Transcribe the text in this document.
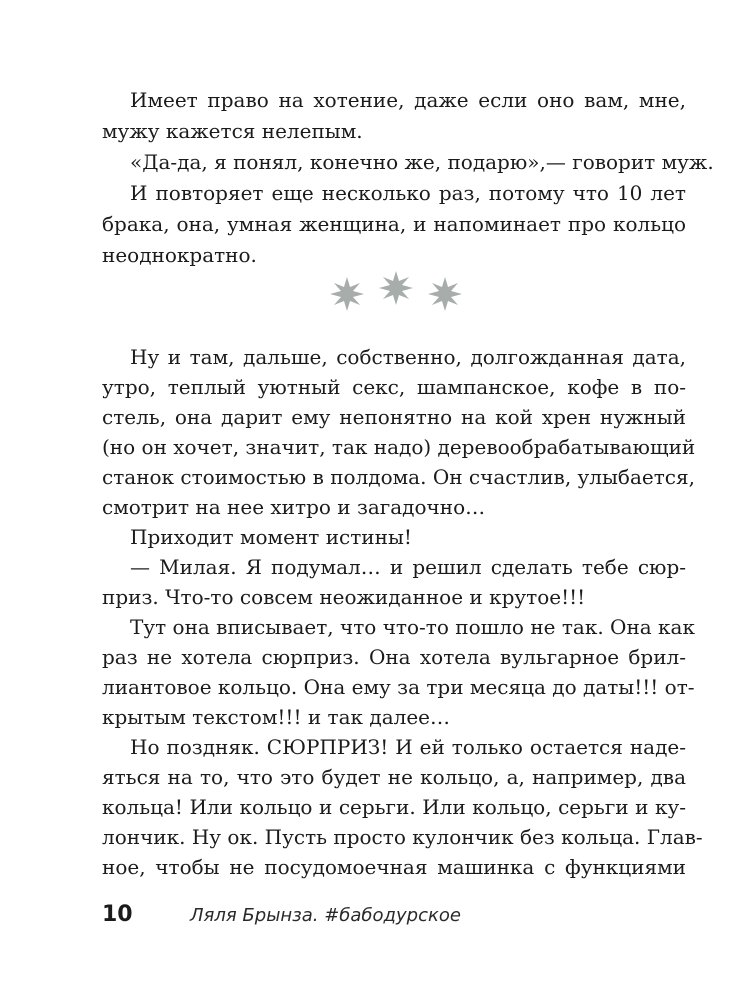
Имеет право на хотение, даже если оно вам, мне,

мужу кажется нелепым.

«Да-да, я понял, конечно же, подарю»,— говорит муж.

И повторяет еще несколько раз, потому что 10 лет

брака, она, умная женщина, и напоминает про кольцо

неоднократно.

Ну и там, дальше, собственно, долгожданная дата,

утро, теплый уютный секс, шампанское, кофе в по-

стель, она дарит ему непонятно на кой хрен нужный

(но он хочет, значит, так надо) деревообрабатывающий

станок стоимостью в полдома. Он счастлив, улыбается,

смотрит на нее хитро и загадочно…

Приходит момент истины!

— Милая. Я подумал… и решил сделать тебе сюр-

приз. Что-то совсем неожиданное и крутое!!!

Тут она вписывает, что что-то пошло не так. Она как

раз не хотела сюрприз. Она хотела вульгарное брил-

лиантовое кольцо. Она ему за три месяца до даты!!! от-

крытым текстом!!! и так далее…

Но поздняк. СЮРПРИЗ! И ей только остается наде-

яться на то, что это будет не кольцо, а, например, два

кольца! Или кольцо и серьги. Или кольцо, серьги и ку-

лончик. Ну ок. Пусть просто кулончик без кольца. Глав-

ное, чтобы не посудомоечная машинка с функциями

10	Ляля Брынза. #бабодурское
